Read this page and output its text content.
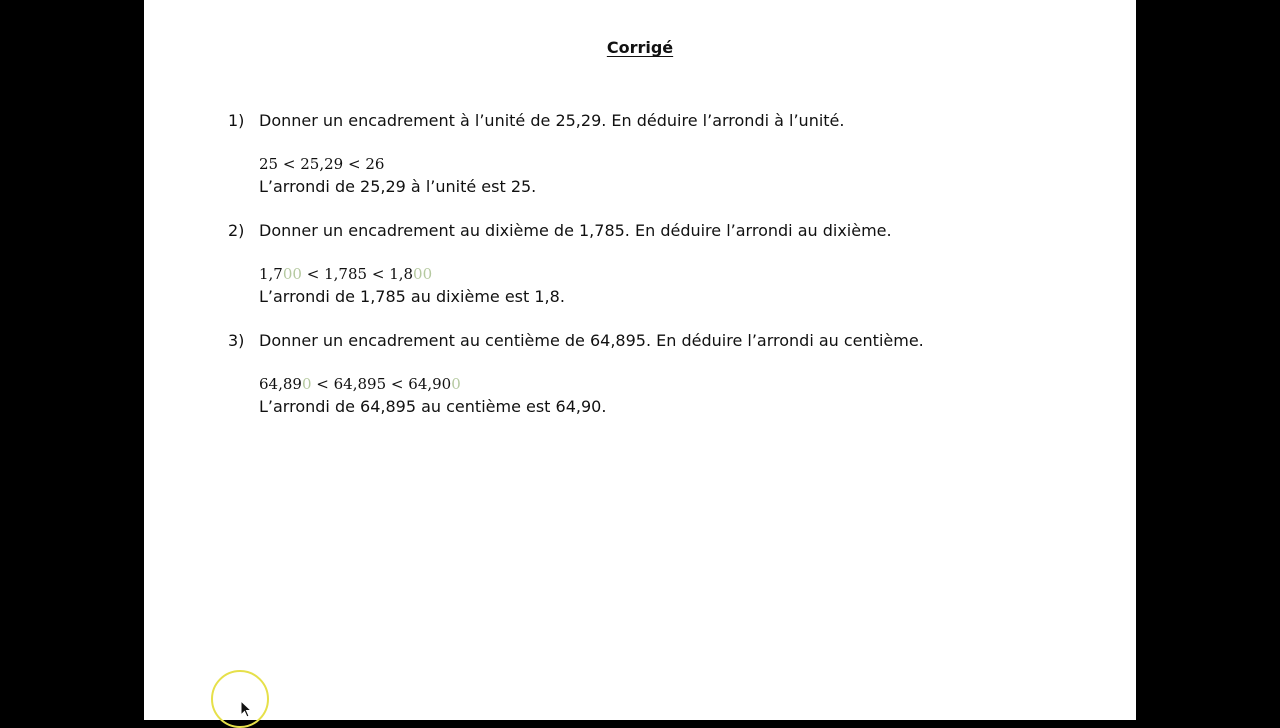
Corrigé
1) Donner un encadrement à l’unité de 25,29. En déduire l’arrondi à l’unité.
25 < 25,29 < 26
L’arrondi de 25,29 à l’unité est 25.
2) Donner un encadrement au dixième de 1,785. En déduire l’arrondi au dixième.
1,700 < 1,785 < 1,800
L’arrondi de 1,785 au dixième est 1,8.
3) Donner un encadrement au centième de 64,895. En déduire l’arrondi au centième.
64,890 < 64,895 < 64,900
L’arrondi de 64,895 au centième est 64,90.
